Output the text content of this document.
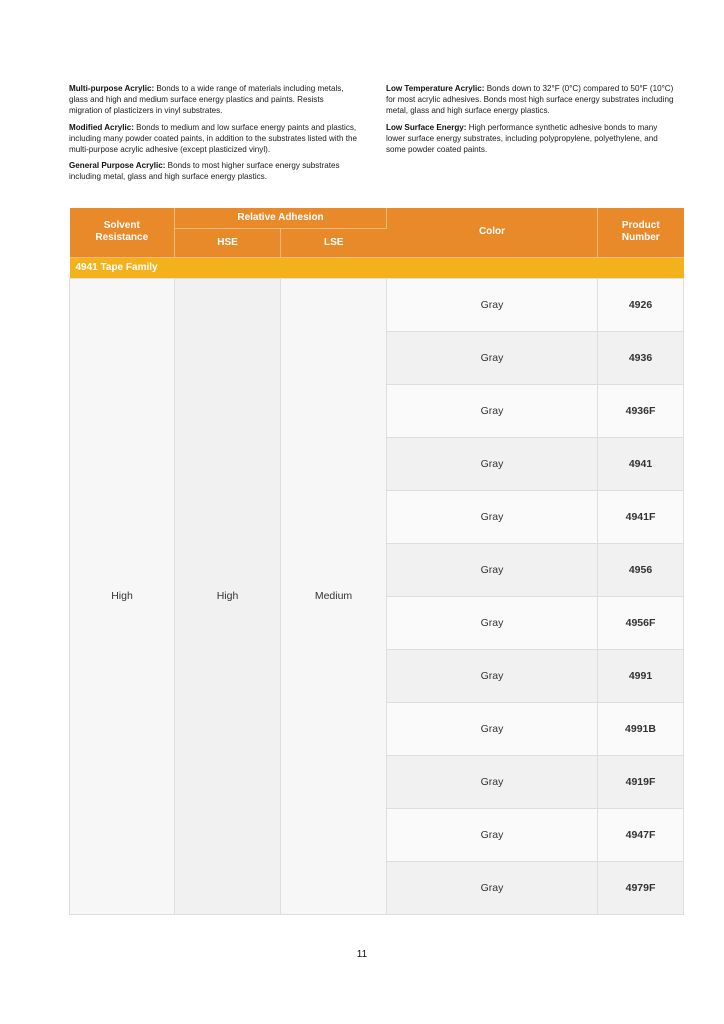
Multi-purpose Acrylic: Bonds to a wide range of materials including metals, glass and high and medium surface energy plastics and paints. Resists migration of plasticizers in vinyl substrates.

Modified Acrylic: Bonds to medium and low surface energy paints and plastics, including many powder coated paints, in addition to the substrates listed with the multi-purpose acrylic adhesive (except plasticized vinyl).

General Purpose Acrylic: Bonds to most higher surface energy substrates including metal, glass and high surface energy plastics.

Low Temperature Acrylic: Bonds down to 32°F (0°C) compared to 50°F (10°C) for most acrylic adhesives. Bonds most high surface energy substrates including metal, glass and high surface energy plastics.

Low Surface Energy: High performance synthetic adhesive bonds to many lower surface energy substrates, including polypropylene, polyethylene, and some powder coated paints.

Solvent Resistance	Relative Adhesion		Color	Product Number
	HSE	LSE		
4941 Tape Family				
High	High	Medium	Gray	4926
			Gray	4936
			Gray	4936F
			Gray	4941
			Gray	4941F
			Gray	4956
			Gray	4956F
			Gray	4991
			Gray	4991B
			Gray	4919F
			Gray	4947F
			Gray	4979F
11
